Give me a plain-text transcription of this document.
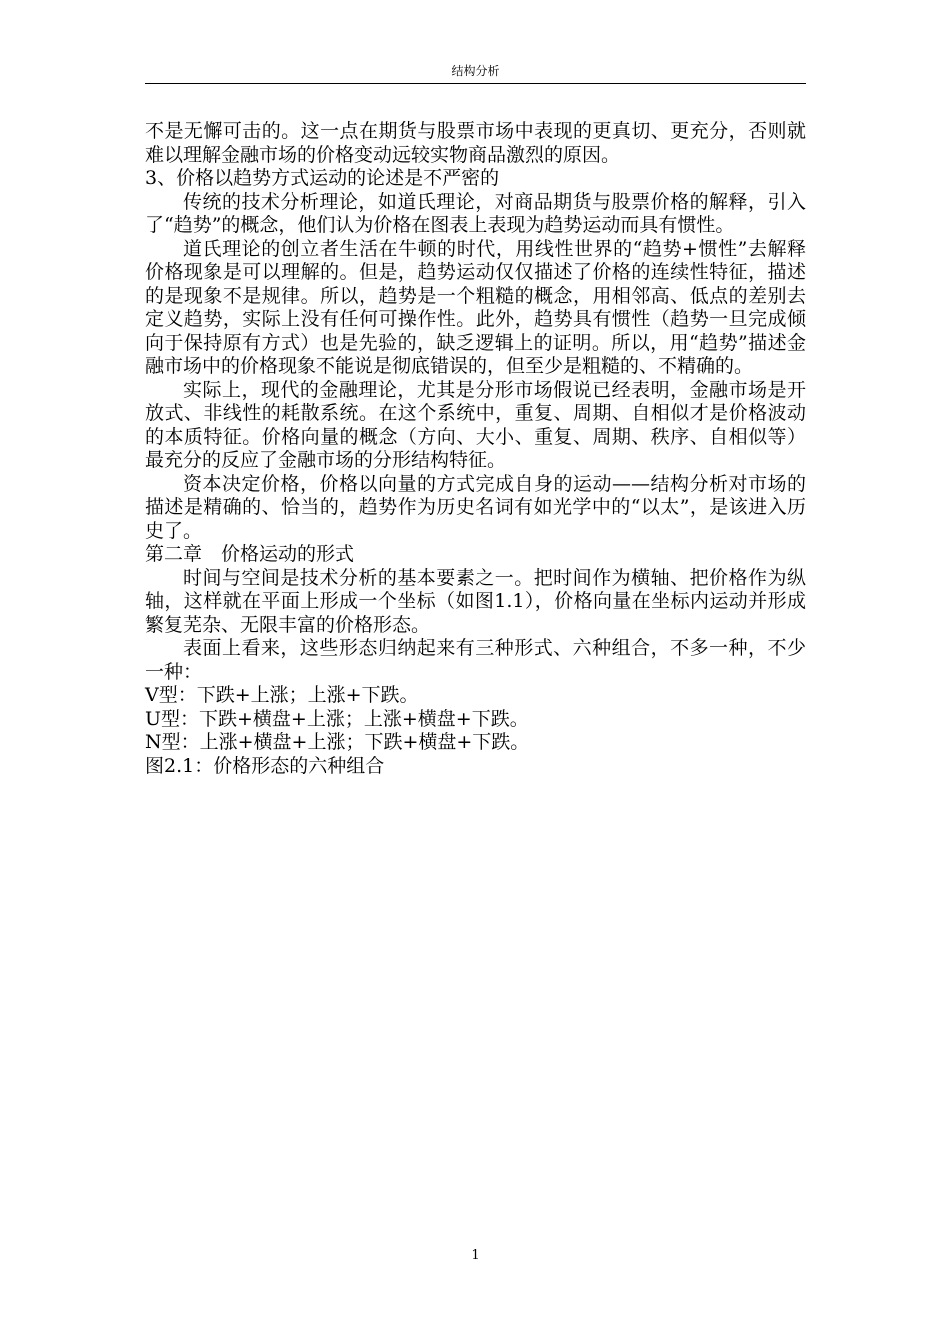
结构分析

不是无懈可击的。这一点在期货与股票市场中表现的更真切、更充分，否则就难以理解金融市场的价格变动远较实物商品激烈的原因。

3、价格以趋势方式运动的论述是不严密的

传统的技术分析理论，如道氏理论，对商品期货与股票价格的解释，引入了“趋势”的概念，他们认为价格在图表上表现为趋势运动而具有惯性。

道氏理论的创立者生活在牛顿的时代，用线性世界的“趋势+惯性”去解释价格现象是可以理解的。但是，趋势运动仅仅描述了价格的连续性特征，描述的是现象不是规律。所以，趋势是一个粗糙的概念，用相邻高、低点的差别去定义趋势，实际上没有任何可操作性。此外，趋势具有惯性（趋势一旦完成倾向于保持原有方式）也是先验的，缺乏逻辑上的证明。所以，用“趋势”描述金融市场中的价格现象不能说是彻底错误的，但至少是粗糙的、不精确的。

实际上，现代的金融理论，尤其是分形市场假说已经表明，金融市场是开放式、非线性的耗散系统。在这个系统中，重复、周期、自相似才是价格波动的本质特征。价格向量的概念（方向、大小、重复、周期、秩序、自相似等）最充分的反应了金融市场的分形结构特征。

资本决定价格，价格以向量的方式完成自身的运动——结构分析对市场的描述是精确的、恰当的，趋势作为历史名词有如光学中的“以太”，是该进入历史了。

第二章　价格运动的形式

时间与空间是技术分析的基本要素之一。把时间作为横轴、把价格作为纵轴，这样就在平面上形成一个坐标（如图1.1），价格向量在坐标内运动并形成繁复芜杂、无限丰富的价格形态。

表面上看来，这些形态归纳起来有三种形式、六种组合，不多一种，不少一种：

V型：下跌+上涨；上涨+下跌。

U型：下跌+横盘+上涨；上涨+横盘+下跌。

N型：上涨+横盘+上涨；下跌+横盘+下跌。

图2.1：价格形态的六种组合

1
